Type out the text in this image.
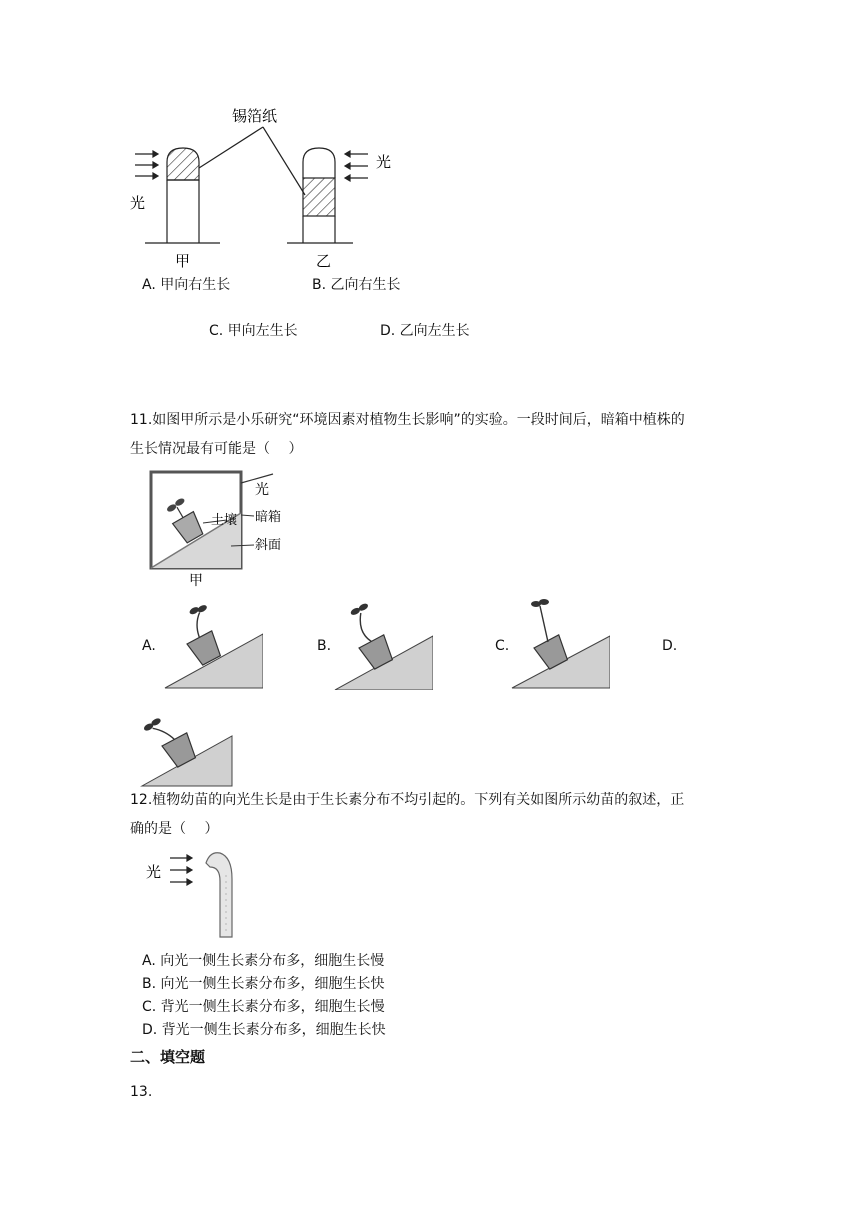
锡箔纸
光
甲	乙
光
A. 甲向右生长	B. 乙向右生长
C. 甲向左生长	D. 乙向左生长
11.如图甲所示是小乐研究“环境因素对植物生长影响”的实验。一段时间后，暗箱中植株的
生长情况最有可能是（　 ）
光
土壤 暗箱
斜面
甲
A.	B.	C.	D.
12.植物幼苗的向光生长是由于生长素分布不均引起的。下列有关如图所示幼苗的叙述，正
确的是（　 ）
光
A. 向光一侧生长素分布多，细胞生长慢
B. 向光一侧生长素分布多，细胞生长快
C. 背光一侧生长素分布多，细胞生长慢
D. 背光一侧生长素分布多，细胞生长快
二、填空题
13.
